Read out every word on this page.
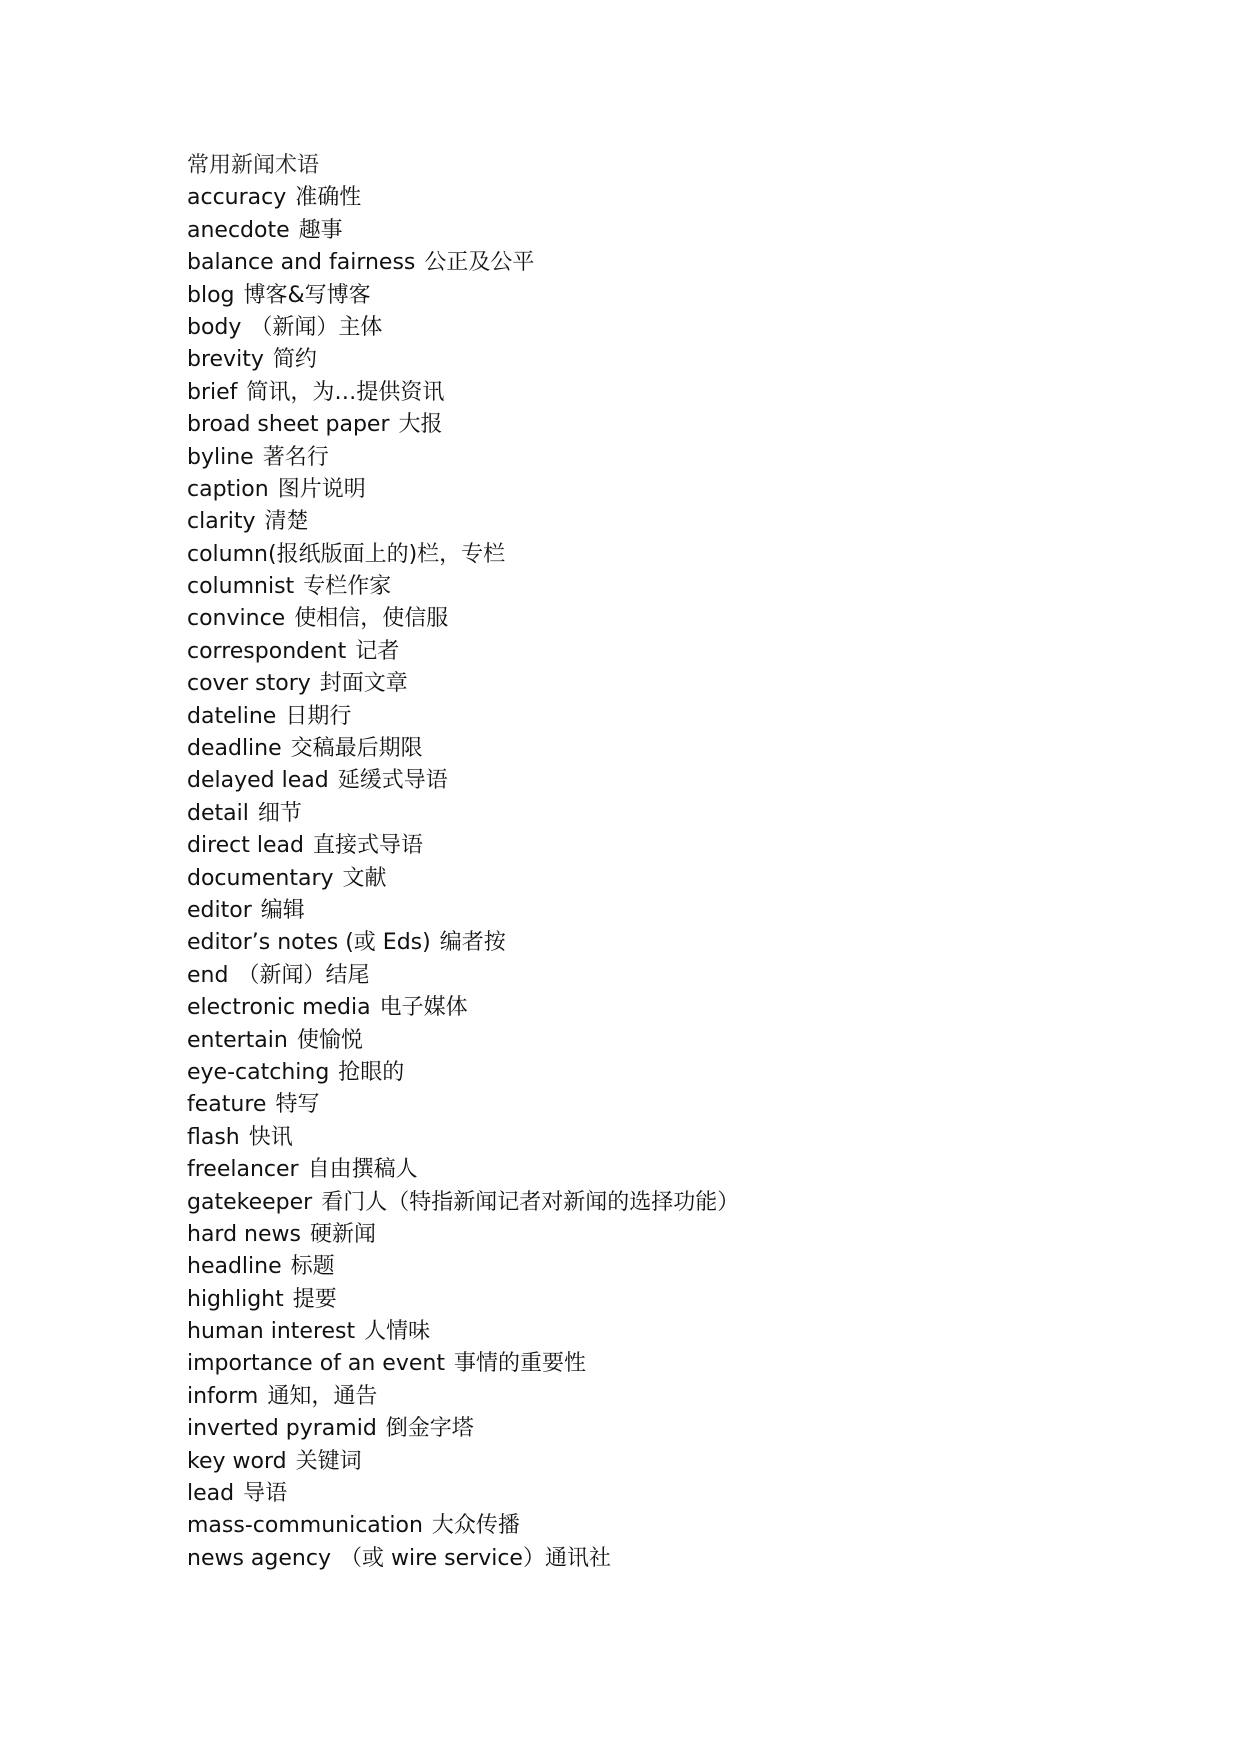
常用新闻术语
accuracy 准确性
anecdote 趣事
balance and fairness 公正及公平
blog 博客&写博客
body （新闻）主体
brevity 简约
brief 简讯，为…提供资讯
broad sheet paper 大报
byline 著名行
caption 图片说明
clarity 清楚
column(报纸版面上的)栏，专栏
columnist 专栏作家
convince 使相信，使信服
correspondent 记者
cover story 封面文章
dateline 日期行
deadline 交稿最后期限
delayed lead 延缓式导语
detail 细节
direct lead 直接式导语
documentary 文献
editor 编辑
editor’s notes (或 Eds) 编者按
end （新闻）结尾
electronic media 电子媒体
entertain 使愉悦
eye-catching 抢眼的
feature 特写
flash 快讯
freelancer 自由撰稿人
gatekeeper 看门人（特指新闻记者对新闻的选择功能）
hard news 硬新闻
headline 标题
highlight 提要
human interest 人情味
importance of an event 事情的重要性
inform 通知，通告
inverted pyramid 倒金字塔
key word 关键词
lead 导语
mass-communication 大众传播
news agency （或 wire service）通讯社
